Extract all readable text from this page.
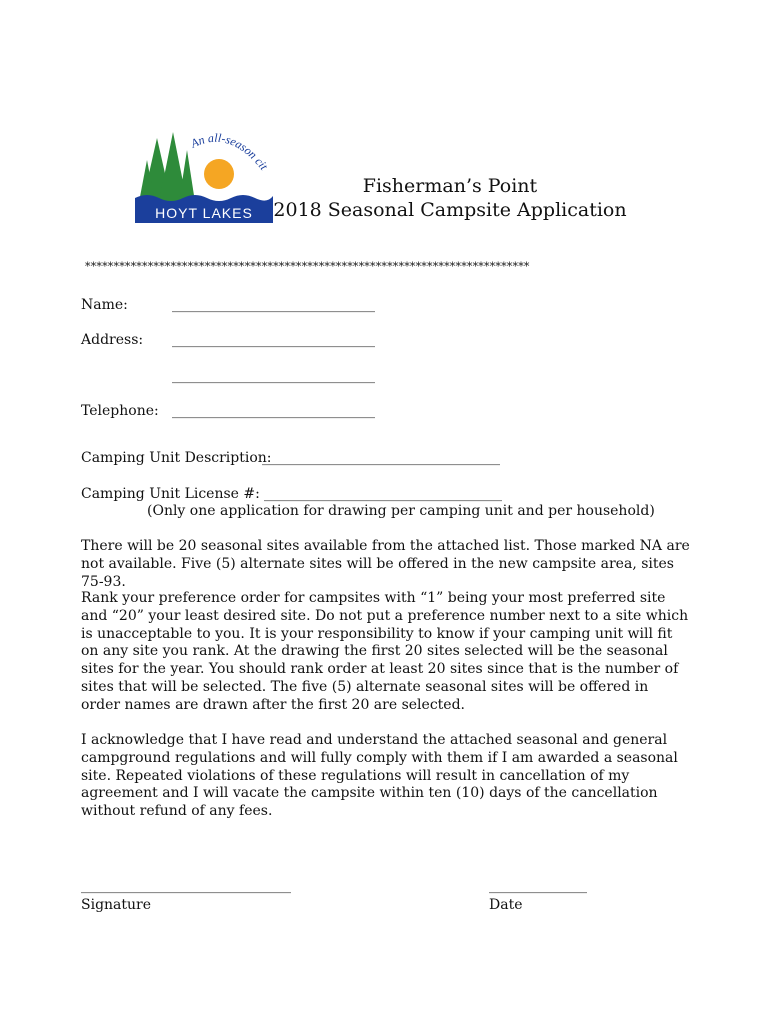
HOYT LAKES
An all-season cit
Fisherman’s Point
2018 Seasonal Campsite Application
******************************************************************************
Name:	_____________________________
Address: _____________________________
_____________________________
Telephone: _____________________________
Camping Unit Description:
__________________________________
Camping Unit License #: __________________________________
(Only one application for drawing per camping unit and per household)
There will be 20 seasonal sites available from the attached list. Those marked NA are not available. Five (5) alternate sites will be offered in the new campsite area, sites 75-93.
Rank your preference order for campsites with “1” being your most preferred site and “20” your least desired site. Do not put a preference number next to a site which is unacceptable to you. It is your responsibility to know if your camping unit will fit on any site you rank. At the drawing the first 20 sites selected will be the seasonal sites for the year. You should rank order at least 20 sites since that is the number of sites that will be selected. The five (5) alternate seasonal sites will be offered in order names are drawn after the first 20 are selected.
I acknowledge that I have read and understand the attached seasonal and general campground regulations and will fully comply with them if I am awarded a seasonal site. Repeated violations of these regulations will result in cancellation of my agreement and I will vacate the campsite within ten (10) days of the cancellation without refund of any fees.
______________________________
Signature
______________
Date
